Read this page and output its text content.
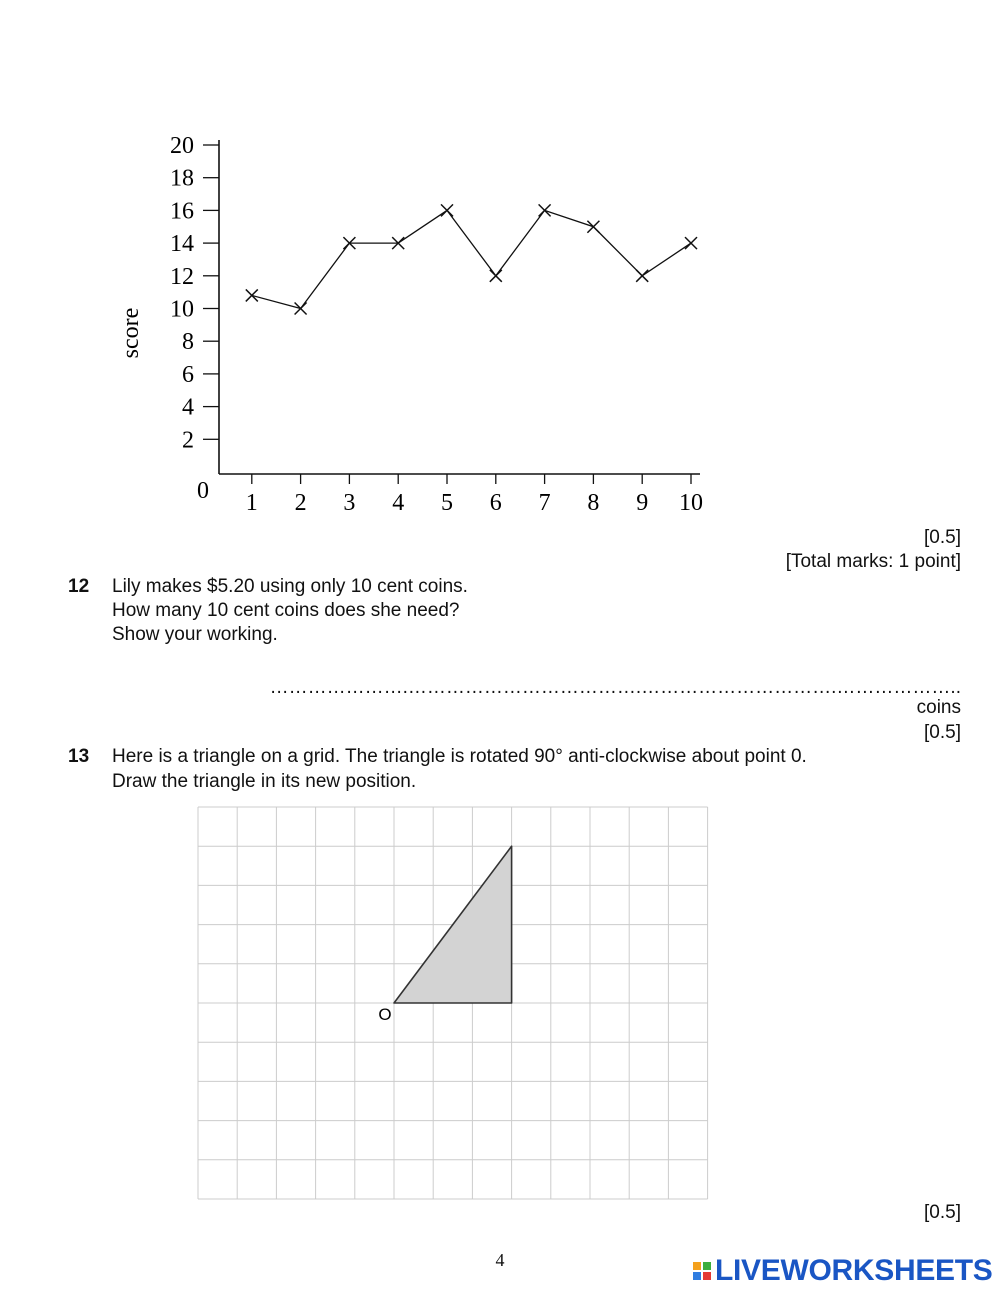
score
0
2
4
6
8
10
12
14
16
18
20
1 2 3 4 5 6 7 8 9 10
[0.5]
[Total marks: 1 point]
12 Lily makes $5.20 using only 10 cent coins.
How many 10 cent coins does she need?
Show your working.
………………….……………………………….………………………….………………..
coins
[0.5]
13 Here is a triangle on a grid. The triangle is rotated 90° anti-clockwise about point 0.
Draw the triangle in its new position.
O
[0.5]
4	LIVEWORKSHEETS
